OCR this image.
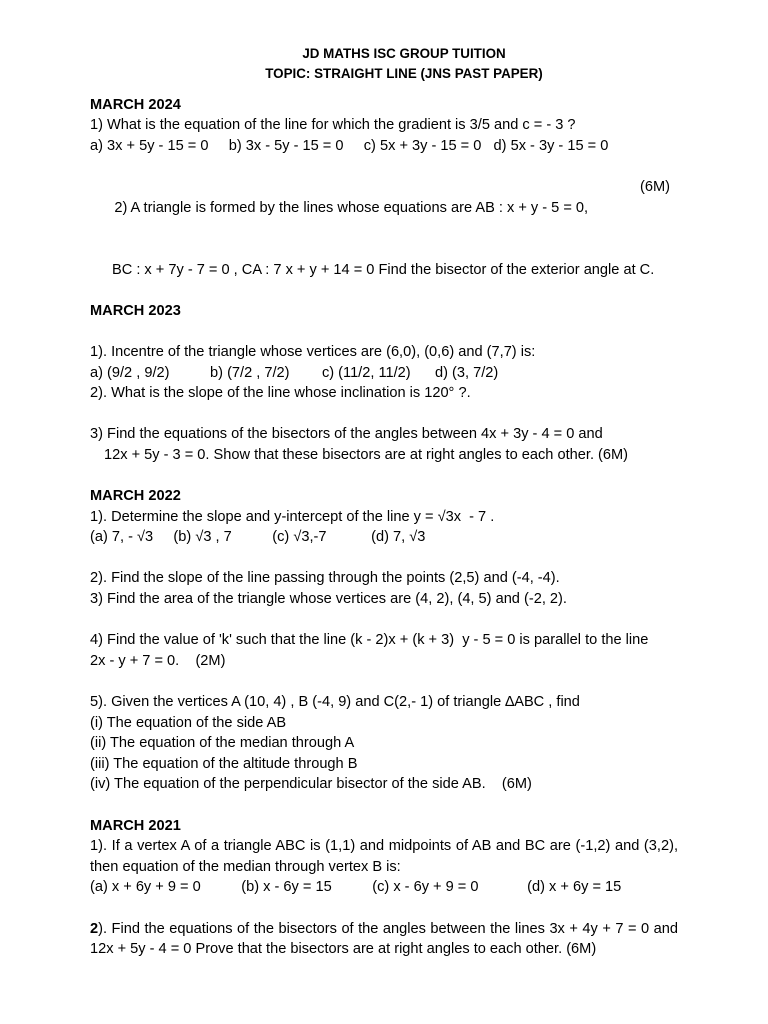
JD MATHS ISC GROUP TUITION
TOPIC: STRAIGHT LINE (JNS PAST PAPER)
MARCH 2024
1) What is the equation of the line for which the gradient is 3/5 and c = - 3 ?
a) 3x + 5y - 15 = 0     b) 3x - 5y - 15 = 0     c) 5x + 3y - 15 = 0   d) 5x - 3y - 15 = 0

2) A triangle is formed by the lines whose equations are AB : x + y - 5 = 0,

(6M)

BC : x + 7y - 7 = 0 , CA : 7 x + y + 14 = 0 Find the bisector of the exterior angle at C.
MARCH 2023
1). Incentre of the triangle whose vertices are (6,0), (0,6) and (7,7) is:
a) (9/2 , 9/2)          b) (7/2 , 7/2)        c) (11/2, 11/2)      d) (3, 7/2)
2). What is the slope of the line whose inclination is 120° ?.
3) Find the equations of the bisectors of the angles between 4x + 3y - 4 = 0 and
12x + 5y - 3 = 0. Show that these bisectors are at right angles to each other. (6M)
MARCH 2022
1). Determine the slope and y-intercept of the line y = √3x  - 7 .
(a) 7, - √3     (b) √3 , 7          (c) √3,-7           (d) 7, √3
2). Find the slope of the line passing through the points (2,5) and (-4, -4).
3) Find the area of the triangle whose vertices are (4, 2), (4, 5) and (-2, 2).
4) Find the value of 'k' such that the line (k - 2)x + (k + 3)  y - 5 = 0 is parallel to the line
2x - y + 7 = 0.    (2M)
5). Given the vertices A (10, 4) , B (-4, 9) and C(2,- 1) of triangle ∆ABC , find
(i) The equation of the side AB
(ii) The equation of the median through A
(iii) The equation of the altitude through B
(iv) The equation of the perpendicular bisector of the side AB.    (6M)
MARCH 2021
1). If a vertex A of a triangle ABC is (1,1) and midpoints of AB and BC are (-1,2) and (3,2), then equation of the median through vertex B is:
(a) x + 6y + 9 = 0          (b) x - 6y = 15          (c) x - 6y + 9 = 0            (d) x + 6y = 15
2). Find the equations of the bisectors of the angles between the lines 3x + 4y + 7 = 0 and 12x + 5y - 4 = 0 Prove that the bisectors are at right angles to each other. (6M)
